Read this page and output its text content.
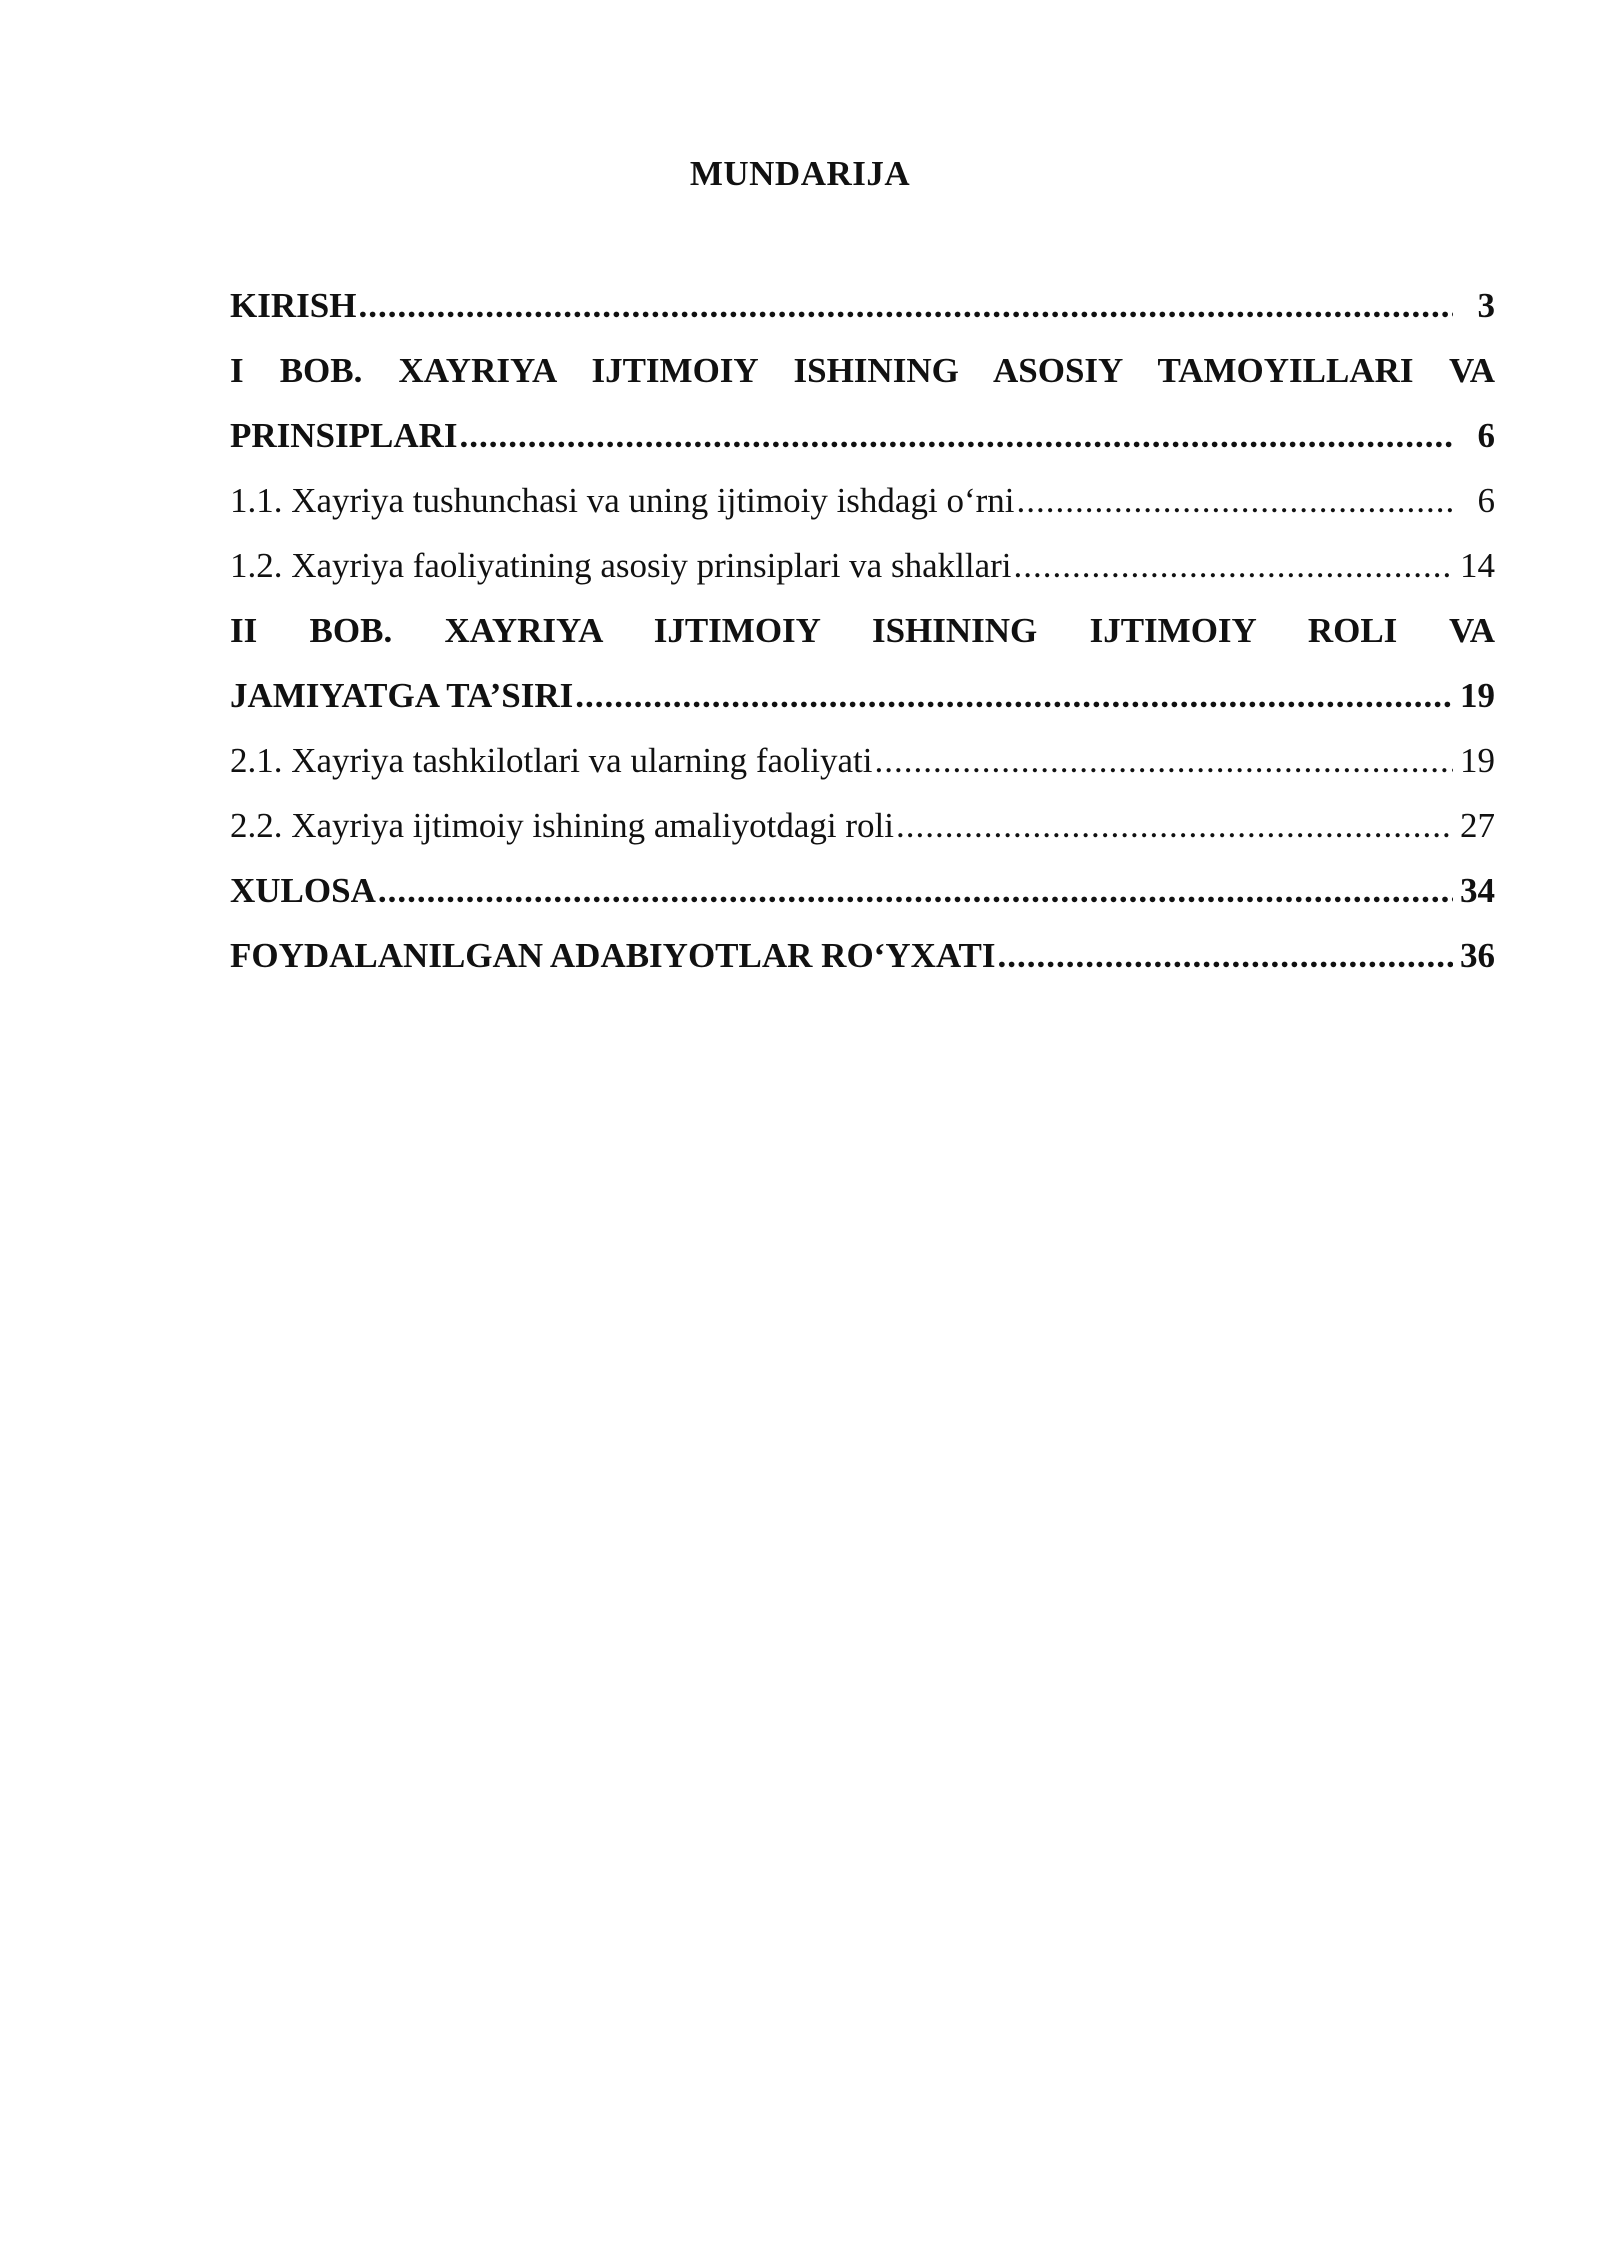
MUNDARIJA
KIRISH .....	3
I BOB. XAYRIYA IJTIMOIY ISHINING ASOSIY TAMOYILLARI VA
PRINSIPLARI .....	6
1.1. Xayriya tushunchasi va uning ijtimoiy ishdagi o‘rni .....	6
1.2. Xayriya faoliyatining asosiy prinsiplari va shakllari .....	14
II BOB. XAYRIYA IJTIMOIY ISHINING IJTIMOIY ROLI VA
JAMIYATGA TA’SIRI .....	19
2.1. Xayriya tashkilotlari va ularning faoliyati .....	19
2.2. Xayriya ijtimoiy ishining amaliyotdagi roli .....	27
XULOSA .....	34
FOYDALANILGAN ADABIYOTLAR RO‘YXATI .....	36
